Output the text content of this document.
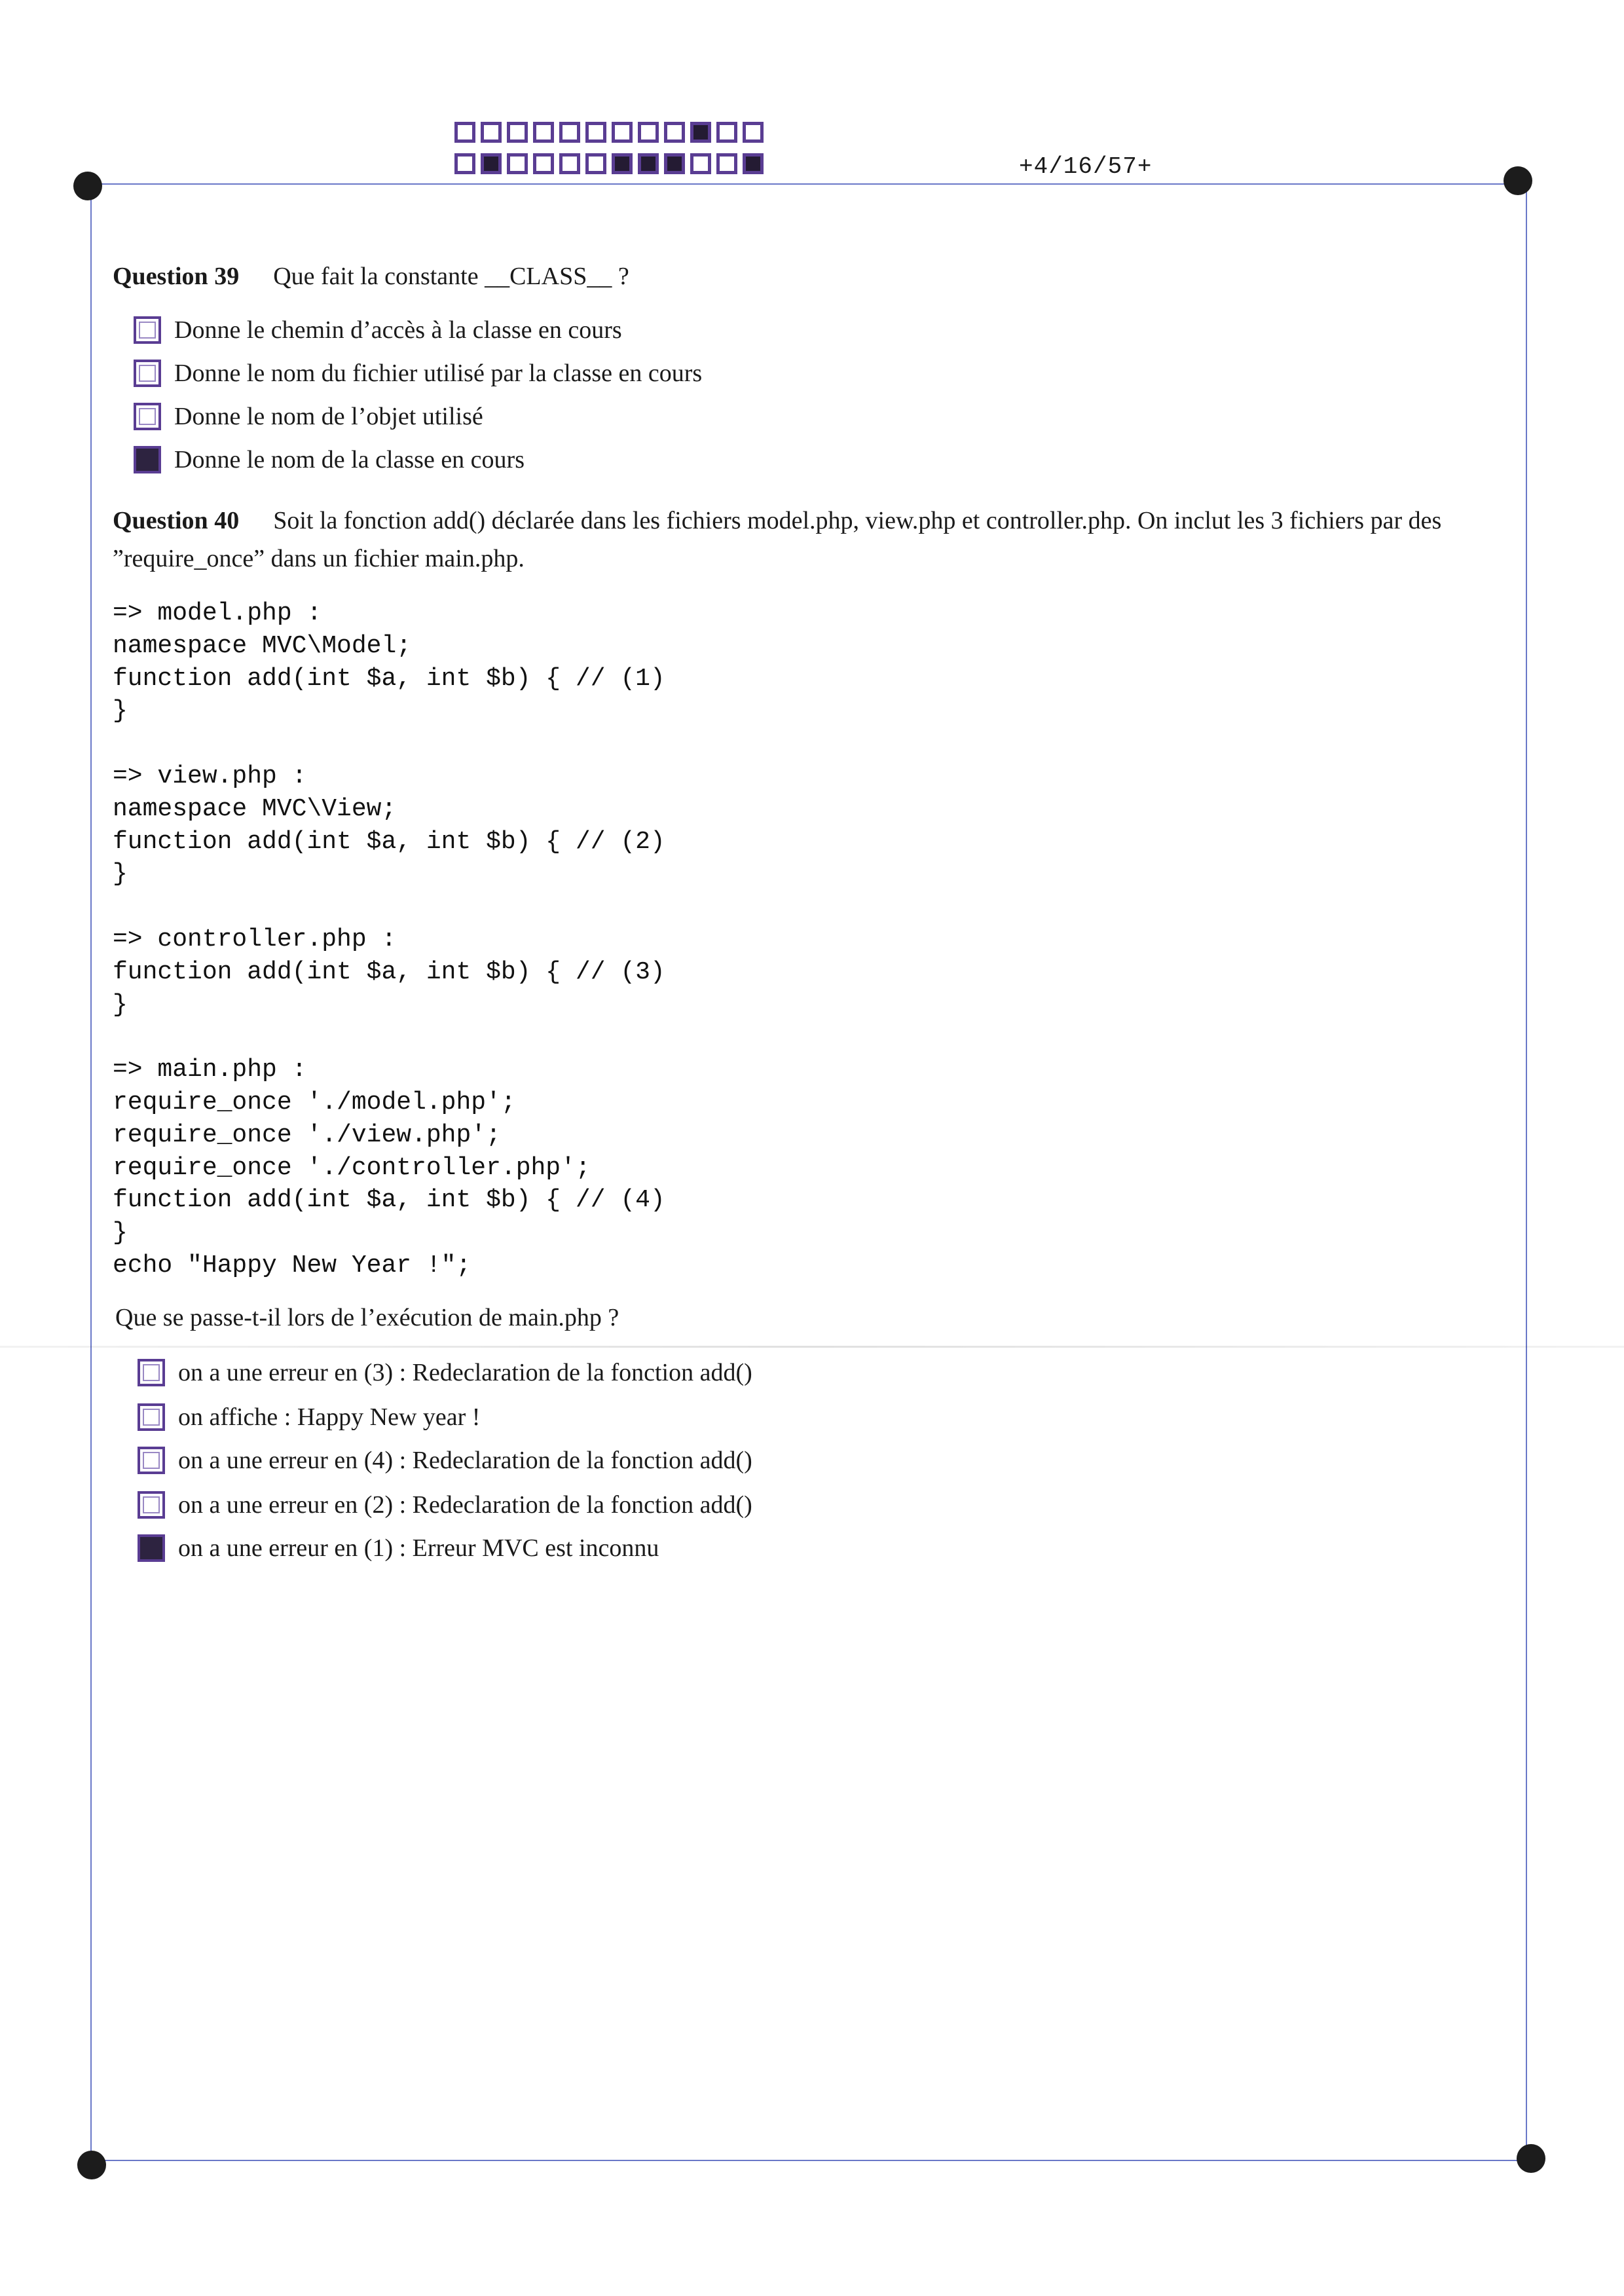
+4/16/57+
Question 39 Que fait la constante __CLASS__ ?
Donne le chemin d’accès à la classe en cours
Donne le nom du fichier utilisé par la classe en cours
Donne le nom de l’objet utilisé
Donne le nom de la classe en cours
Question 40 Soit la fonction add() déclarée dans les fichiers model.php, view.php et controller.php. On inclut les 3 fichiers par des ”require_once” dans un fichier main.php.
=> model.php :
namespace MVC\Model;
function add(int $a, int $b) { // (1)
}

=> view.php :
namespace MVC\View;
function add(int $a, int $b) { // (2)
}

=> controller.php :
function add(int $a, int $b) { // (3)
}

=> main.php :
require_once './model.php';
require_once './view.php';
require_once './controller.php';
function add(int $a, int $b) { // (4)
}
echo "Happy New Year !";
Que se passe-t-il lors de l’exécution de main.php ?
on a une erreur en (3) : Redeclaration de la fonction add()
on affiche : Happy New year !
on a une erreur en (4) : Redeclaration de la fonction add()
on a une erreur en (2) : Redeclaration de la fonction add()
on a une erreur en (1) : Erreur MVC est inconnu
